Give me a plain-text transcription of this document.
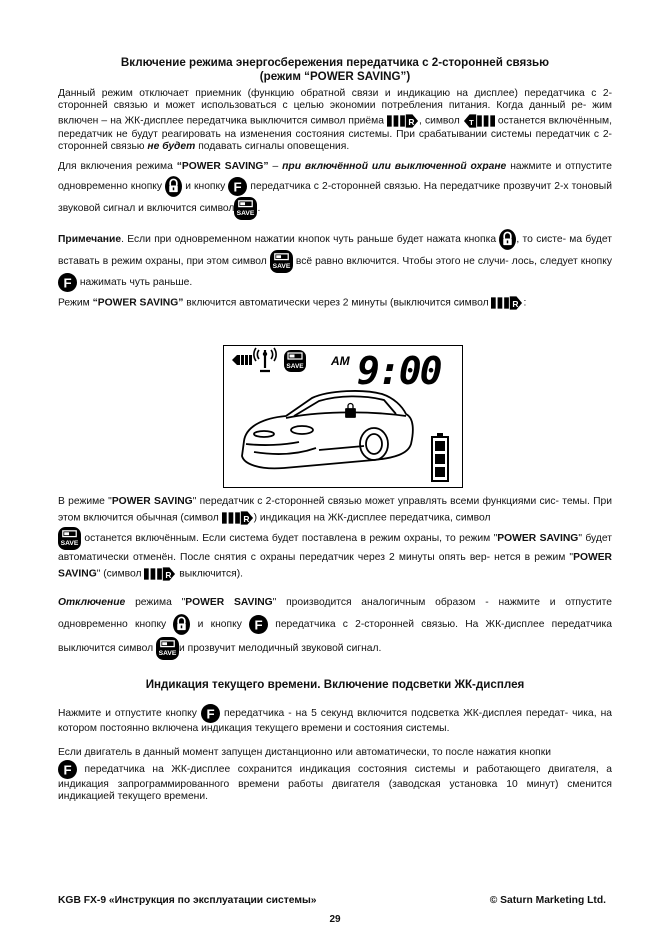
Включение режима энергосбережения передатчика с 2-сторонней связью
(режим “POWER SAVING”)

Данный режим отключает приемник (функцию обратной связи и индикацию на дисплее) передатчика с 2-сторонней связью и может использоваться с целью экономии потребления питания. Когда данный ре- жим включен – на ЖК-дисплее передатчика выключится символ приёма	, символ	останется включённым, передатчик не будут реагировать на изменения состояния системы. При срабатывании системы передатчик с 2-сторонней связью не будет подавать сигналы оповещения.

Для включения режима “POWER SAVING” – при включённой или выключенной охране нажмите и отпустите одновременно кнопку и кнопку передатчика с 2-сторонней связью. На передатчике прозвучит 2-х тоновый звуковой сигнал и включится символ .

Примечание. Если при одновременном нажатии кнопок чуть раньше будет нажата кнопка , то систе- ма будет вставать в режим охраны, при этом символ	всё равно включится. Чтобы этого не случи- лось, следует кнопку  нажимать чуть раньше.

Режим “POWER SAVING” включится автоматически через 2 минуты (выключится символ	:

SAVE AM 9:00

В режиме "POWER SAVING" передатчик с 2-сторонней связью может управлять всеми функциями сис- темы. При этом включится обычная (символ	) индикация на ЖК-дисплее передатчика, символ
останется включённым. Если система будет поставлена в режим охраны, то режим "POWER SAVING" будет автоматически отменён. После снятия с охраны передатчик через 2 минуты опять вер- нется в режим "POWER SAVING" (символ	выключится).

Отключение режима "POWER SAVING" производится аналогичным образом - нажмите и отпустите одновременно кнопку	и кнопку	передатчика с 2-сторонней связью. На ЖК-дисплее передатчика выключится символ	и прозвучит мелодичный звуковой сигнал.

Индикация текущего времени. Включение подсветки ЖК-дисплея

Нажмите и отпустите кнопку	передатчика - на 5 секунд включится подсветка ЖК-дисплея передат- чика, на котором постоянно включена индикация текущего времени и состояния системы.

Если двигатель в данный момент запущен дистанционно или автоматически, то после нажатия кнопки
передатчика на ЖК-дисплее сохранится индикация состояния системы и работающего двигателя, а индикация запрограммированного времени работы двигателя (заводская установка 10 минут) сменится индикацией текущего времени.

KGB FX-9 «Инструкция по эксплуатации системы»	© Saturn Marketing Ltd.
29
